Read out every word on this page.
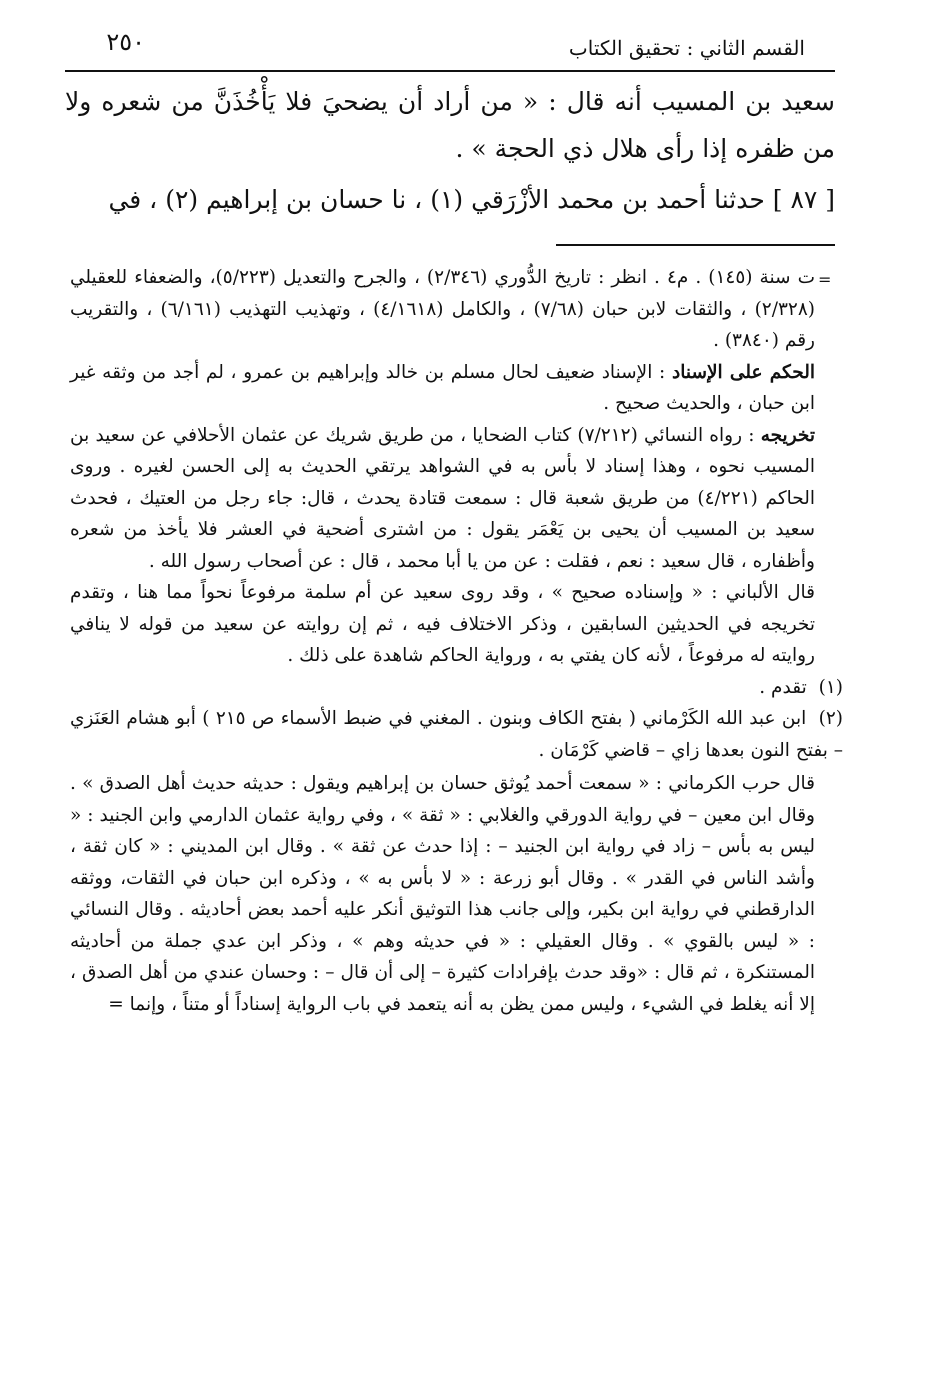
القسم الثاني : تحقيق الكتاب
٢٥٠

سعيد بن المسيب أنه قال : « من أراد أن يضحيَ فلا يَأْخُذَنَّ من شعره ولا من ظفره إذا رأى هلال ذي الحجة » .

[ ٨٧ ] حدثنا أحمد بن محمد الأزْرَقي (١) ، نا حسان بن إبراهيم (٢) ، في

=

ت سنة (١٤٥) . م٤ . انظر : تاريخ الدُّوري (٢/٣٤٦) ، والجرح والتعديل (٥/٢٢٣)، والضعفاء للعقيلي (٢/٣٢٨) ، والثقات لابن حبان (٧/٦٨) ، والكامل (٤/١٦١٨) ، وتهذيب التهذيب (٦/١٦١) ، والتقريب رقم (٣٨٤٠) .

الحكم على الإسناد : الإسناد ضعيف لحال مسلم بن خالد وإبراهيم بن عمرو ، لم أجد من وثقه غير ابن حبان ، والحديث صحيح .

تخريجه : رواه النسائي (٧/٢١٢) كتاب الضحايا ، من طريق شريك عن عثمان الأحلافي عن سعيد بن المسيب نحوه ، وهذا إسناد لا بأس به في الشواهد يرتقي الحديث به إلى الحسن لغيره . وروى الحاكم (٤/٢٢١) من طريق شعبة قال : سمعت قتادة يحدث ، قال: جاء رجل من العتيك ، فحدث سعيد بن المسيب أن يحيى بن يَعْمَر يقول : من اشترى أضحية في العشر فلا يأخذ من شعره وأظفاره ، قال سعيد : نعم ، فقلت : عن من يا أبا محمد ، قال : عن أصحاب رسول الله .

قال الألباني : « وإسناده صحيح » ، وقد روى سعيد عن أم سلمة مرفوعاً نحواً مما هنا ، وتقدم تخريجه في الحديثين السابقين ، وذكر الاختلاف فيه ، ثم إن روايته عن سعيد من قوله لا ينافي روايته له مرفوعاً ، لأنه كان يفتي به ، ورواية الحاكم شاهدة على ذلك .

(١) تقدم .

(٢) ابن عبد الله الكَرْماني ( بفتح الكاف وبنون . المغني في ضبط الأسماء ص ٢١٥ ) أبو هشام العَنَزي – بفتح النون بعدها زاي – قاضي كَرْمَان .

قال حرب الكرماني : « سمعت أحمد يُوثق حسان بن إبراهيم ويقول : حديثه حديث أهل الصدق » . وقال ابن معين – في رواية الدورقي والغلابي : « ثقة » ، وفي رواية عثمان الدارمي وابن الجنيد : « ليس به بأس – زاد في رواية ابن الجنيد – : إذا حدث عن ثقة » . وقال ابن المديني : « كان ثقة ، وأشد الناس في القدر » . وقال أبو زرعة : « لا بأس به » ، وذكره ابن حبان في الثقات، ووثقه الدارقطني في رواية ابن بكير، وإلى جانب هذا التوثيق أنكر عليه أحمد بعض أحاديثه . وقال النسائي : « ليس بالقوي » . وقال العقيلي : « في حديثه وهم » ، وذكر ابن عدي جملة من أحاديثه المستنكرة ، ثم قال : «وقد حدث بإفرادات كثيرة – إلى أن قال – : وحسان عندي من أهل الصدق ، إلا أنه يغلط في الشيء ، وليس ممن يظن به أنه يتعمد في باب الرواية إسناداً أو متناً ، وإنما =
